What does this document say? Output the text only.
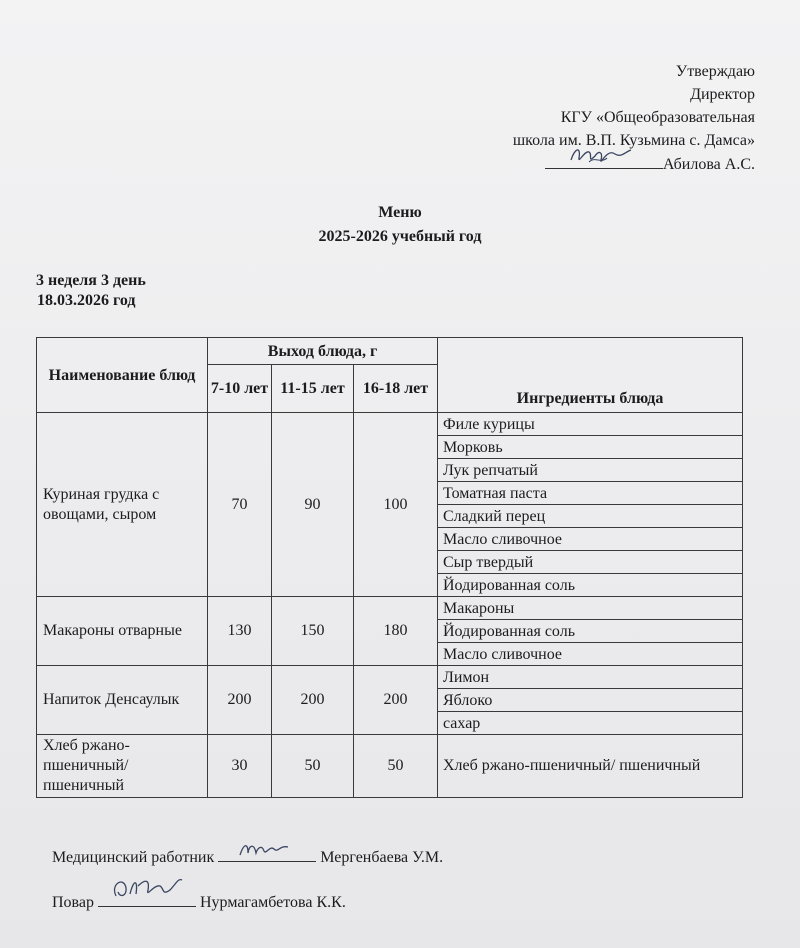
Утверждаю
Директор
КГУ «Общеобразовательная
школа им. В.П. Кузьмина с. Дамса»
Абилова А.С.
Меню
2025-2026 учебный год
3 неделя 3 день
18.03.2026 год
Наименование блюд	Выход блюда, г			Ингредиенты блюда
	7-10 лет	11-15 лет	16-18 лет	
Куриная грудка с овощами, сыром	70	90	100	Филе курицы
				Морковь
				Лук репчатый
				Томатная паста
				Сладкий перец
				Масло сливочное
				Сыр твердый
				Йодированная соль
Макароны отварные	130	150	180	Макароны
				Йодированная соль
				Масло сливочное
Напиток Денсаулык	200	200	200	Лимон
				Яблоко
				сахар
Хлеб ржано-пшеничный/ пшеничный	30	50	50	Хлеб ржано-пшеничный/ пшеничный
Медицинский работник	Мергенбаева У.М.
Повар	Нурмагамбетова К.К.
